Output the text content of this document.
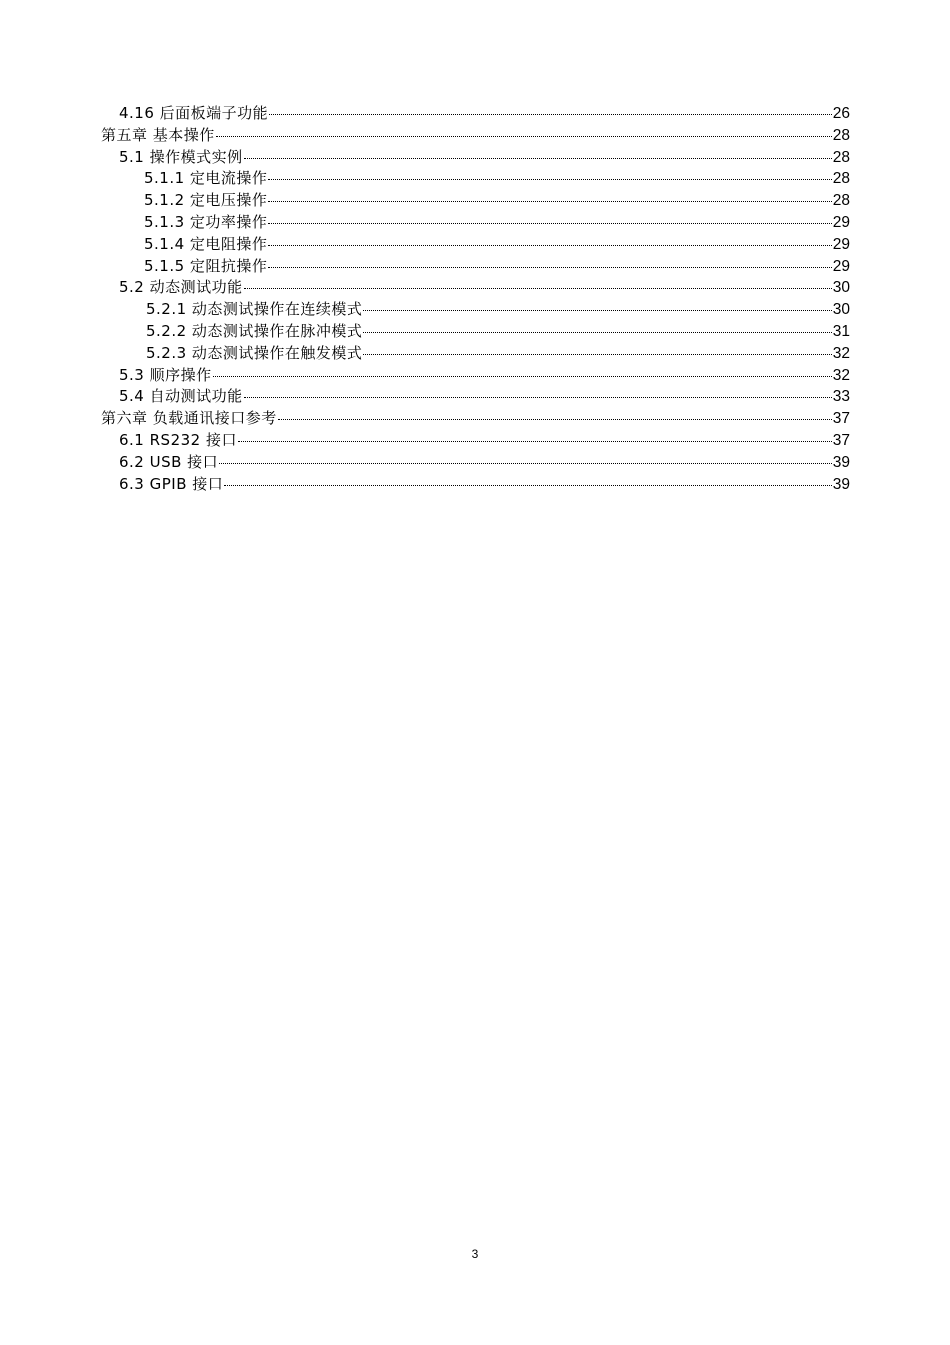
4.16 后面板端子功能	26
第五章 基本操作	28
5.1 操作模式实例	28
5.1.1 定电流操作	28
5.1.2 定电压操作	28
5.1.3 定功率操作	29
5.1.4 定电阻操作	29
5.1.5 定阻抗操作	29
5.2 动态测试功能	30
5.2.1 动态测试操作在连续模式	30
5.2.2 动态测试操作在脉冲模式	31
5.2.3 动态测试操作在触发模式	32
5.3 顺序操作	32
5.4 自动测试功能	33
第六章 负载通讯接口参考	37
6.1 RS232 接口	37
6.2 USB 接口	39
6.3 GPIB 接口	39
3
